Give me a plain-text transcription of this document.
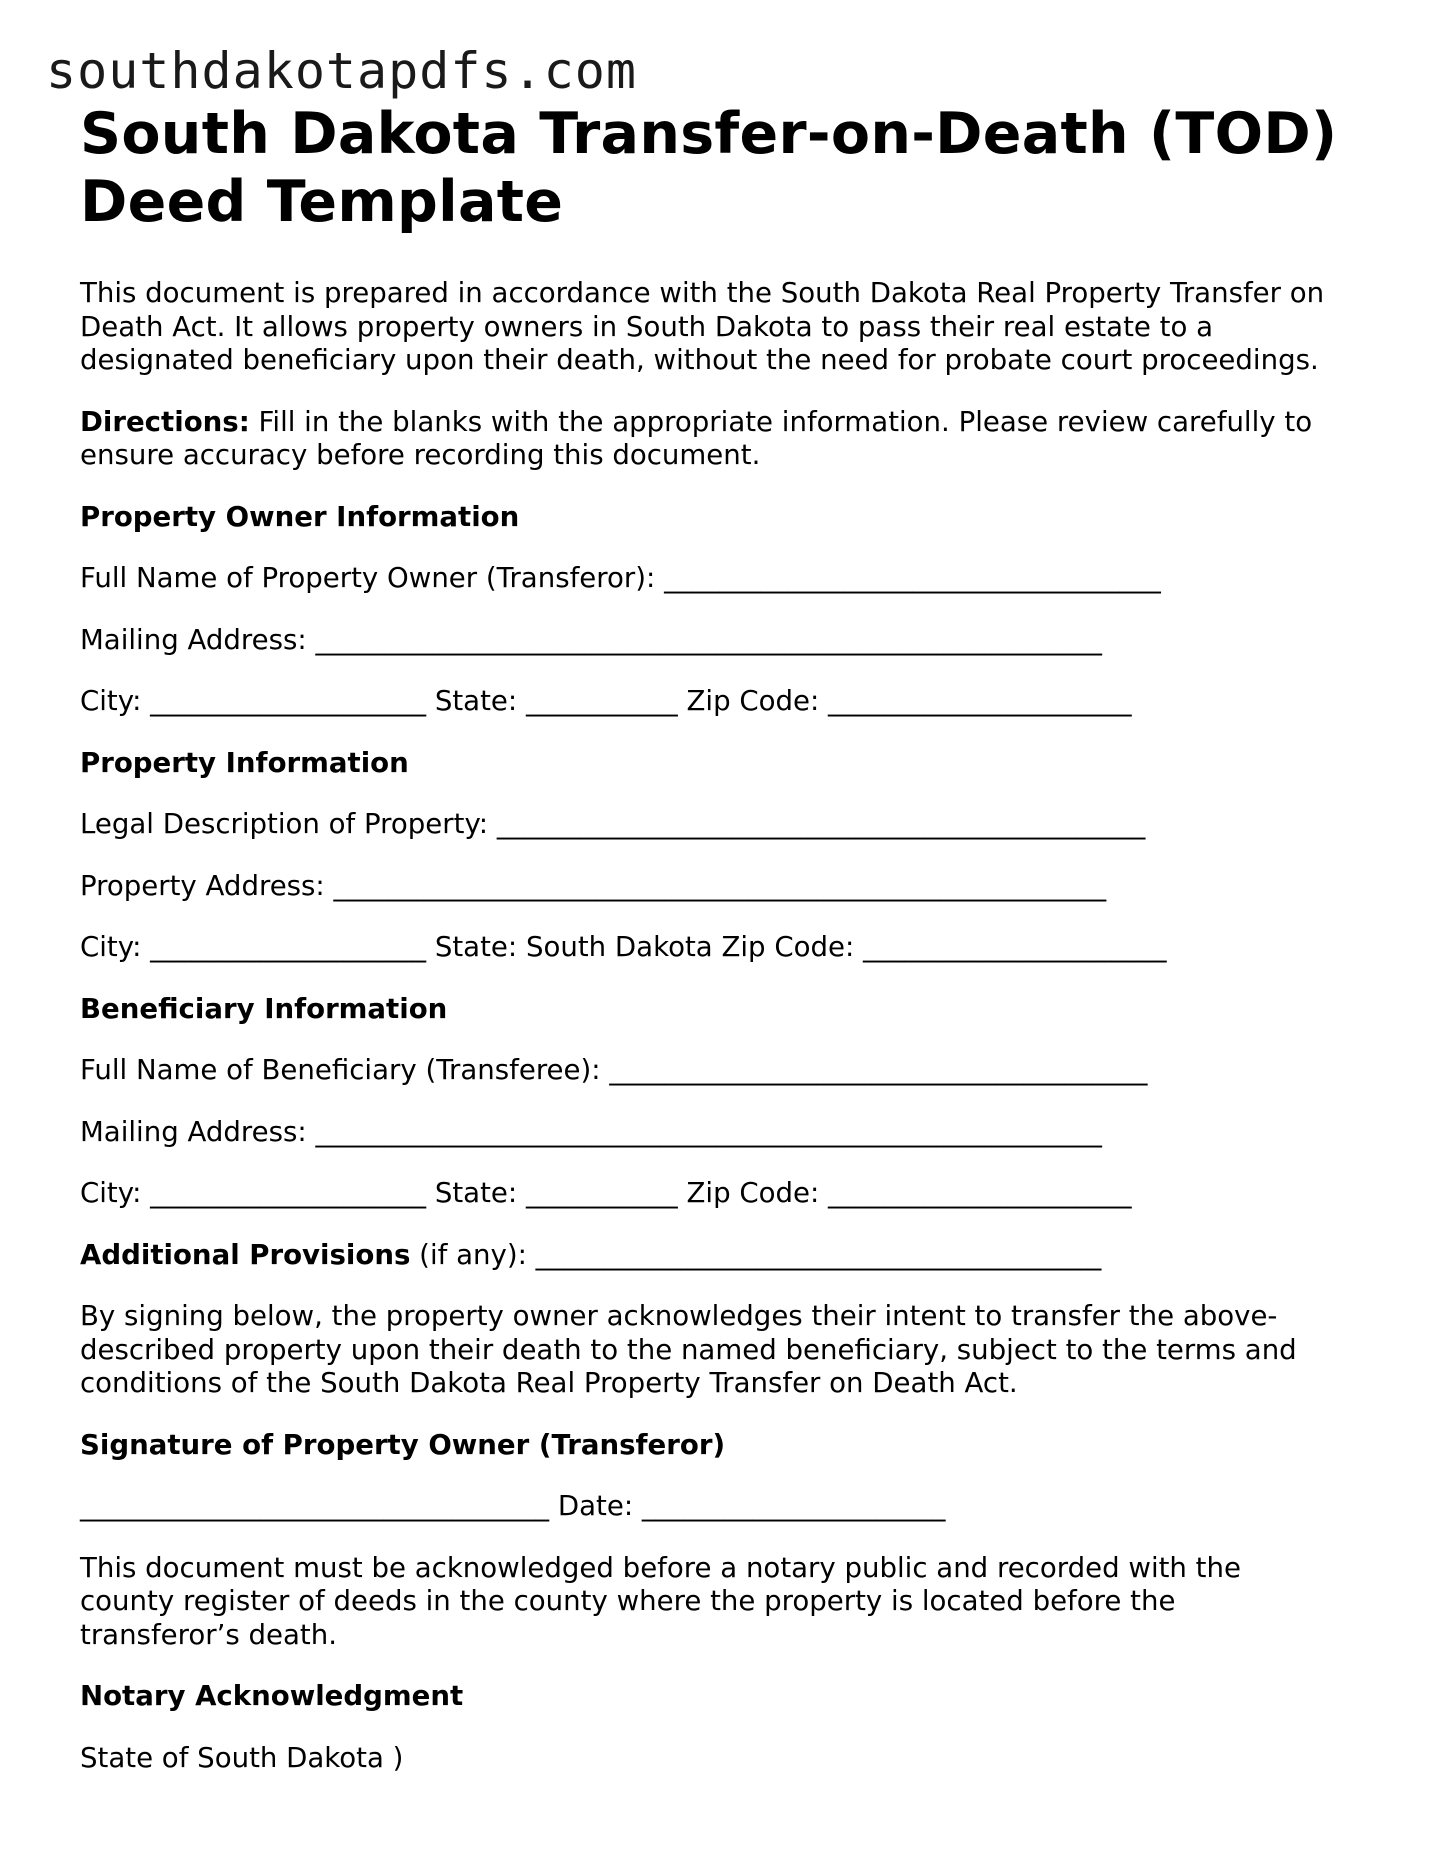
southdakotapdfs.com
South Dakota Transfer-on-Death (TOD)
Deed Template

This document is prepared in accordance with the South Dakota Real Property Transfer on

Death Act. It allows property owners in South Dakota to pass their real estate to a

designated beneficiary upon their death, without the need for probate court proceedings.

Directions: Fill in the blanks with the appropriate information. Please review carefully to

ensure accuracy before recording this document.

Property Owner Information

Full Name of Property Owner (Transferor): ____________________________________

Mailing Address: _________________________________________________________

City: ____________________ State: ___________ Zip Code: ______________________

Property Information

Legal Description of Property: _______________________________________________

Property Address: ________________________________________________________

City: ____________________ State: South Dakota Zip Code: ______________________

Beneficiary Information

Full Name of Beneficiary (Transferee): _______________________________________

Mailing Address: _________________________________________________________

City: ____________________ State: ___________ Zip Code: ______________________

Additional Provisions (if any): _________________________________________

By signing below, the property owner acknowledges their intent to transfer the above-

described property upon their death to the named beneficiary, subject to the terms and

conditions of the South Dakota Real Property Transfer on Death Act.

Signature of Property Owner (Transferor)

__________________________________ Date: ______________________

This document must be acknowledged before a notary public and recorded with the

county register of deeds in the county where the property is located before the

transferor’s death.

Notary Acknowledgment

State of South Dakota )
